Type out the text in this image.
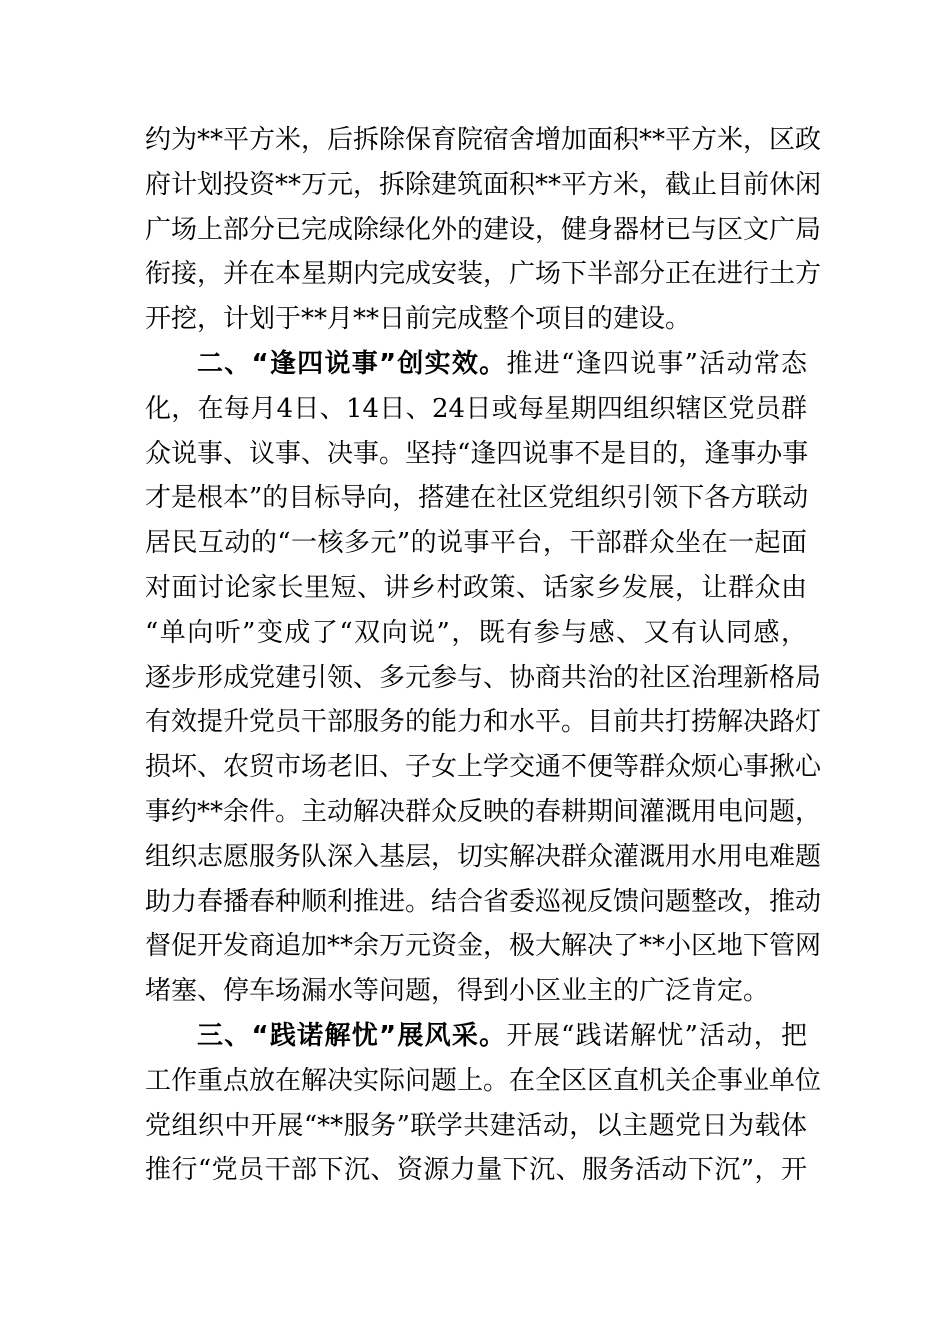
约为**平方米，后拆除保育院宿舍增加面积**平方米，区政
府计划投资**万元，拆除建筑面积**平方米，截止目前休闲
广场上部分已完成除绿化外的建设，健身器材已与区文广局
衔接，并在本星期内完成安装，广场下半部分正在进行土方
开挖，计划于**月**日前完成整个项目的建设。
二、“逢四说事”创实效。推进“逢四说事”活动常态
化，在每月4日、14日、24日或每星期四组织辖区党员群
众说事、议事、决事。坚持“逢四说事不是目的，逢事办事
才是根本”的目标导向，搭建在社区党组织引领下各方联动
居民互动的“一核多元”的说事平台，干部群众坐在一起面
对面讨论家长里短、讲乡村政策、话家乡发展，让群众由
“单向听”变成了“双向说”，既有参与感、又有认同感，
逐步形成党建引领、多元参与、协商共治的社区治理新格局
有效提升党员干部服务的能力和水平。目前共打捞解决路灯
损坏、农贸市场老旧、子女上学交通不便等群众烦心事揪心
事约**余件。主动解决群众反映的春耕期间灌溉用电问题，
组织志愿服务队深入基层，切实解决群众灌溉用水用电难题
助力春播春种顺利推进。结合省委巡视反馈问题整改，推动
督促开发商追加**余万元资金，极大解决了**小区地下管网
堵塞、停车场漏水等问题，得到小区业主的广泛肯定。
三、“践诺解忧”展风采。开展“践诺解忧”活动，把
工作重点放在解决实际问题上。在全区区直机关企事业单位
党组织中开展“**服务”联学共建活动，以主题党日为载体
推行“党员干部下沉、资源力量下沉、服务活动下沉”，开
